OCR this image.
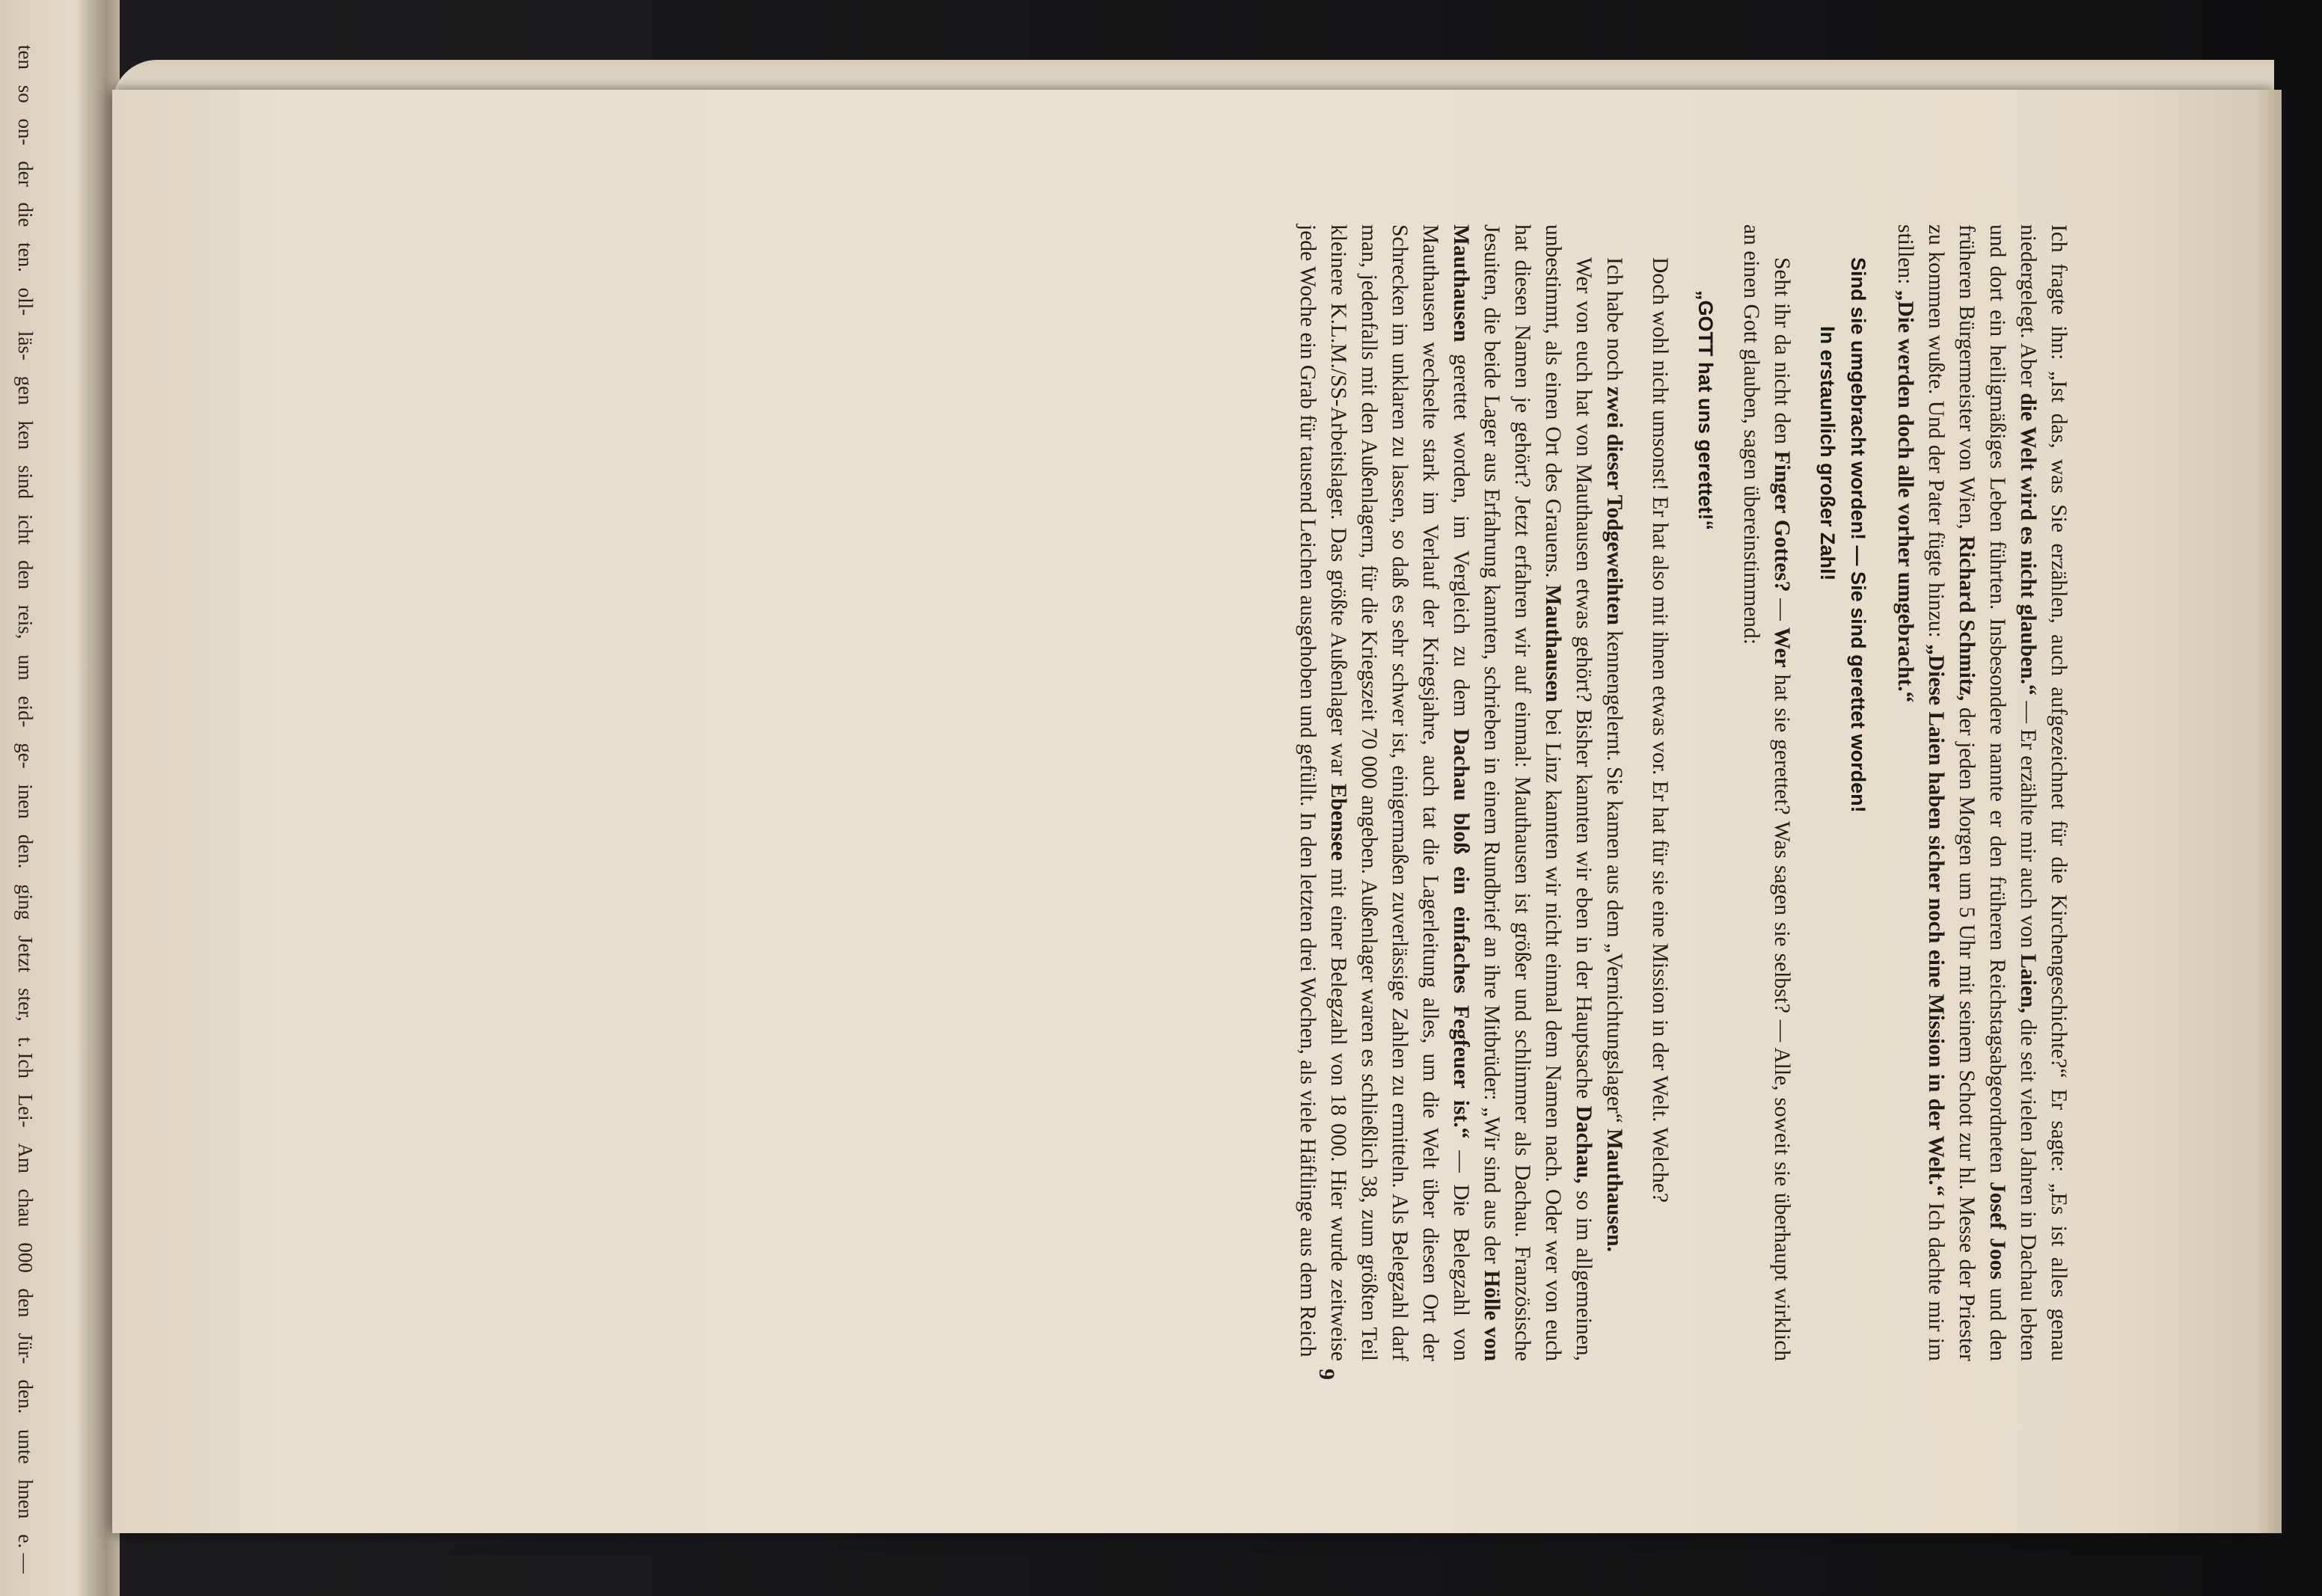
ten
so
on-
der
die
ten.
oll-
läs-
gen
ken
sind
icht
den
reis,
um
eid-
ge-
inen
den.
ging
Jetzt
ster,
t. Ich
Lei-
Am
chau
000
den
Jür-
den.
unte
hnen
e. —

Ich fragte ihn: „Ist das, was Sie erzählen, auch aufgezeichnet für die Kirchengeschichte?“ Er sagte: „Es ist alles genau niedergelegt. Aber die Welt wird es nicht glauben.“ — Er erzählte mir auch von Laien, die seit vielen Jahren in Dachau lebten und dort ein heiligmäßiges Leben führten. Insbesondere nannte er den früheren Reichstagsabgeordneten Josef Joos und den früheren Bürgermeister von Wien, Richard Schmitz, der jeden Morgen um 5 Uhr mit seinem Schott zur hl. Messe der Priester zu kommen wußte. Und der Pater fügte hinzu: „Diese Laien haben sicher noch eine Mission in der Welt.“ Ich dachte mir im stillen: „Die werden doch alle vorher umgebracht.“

Sind sie umgebracht worden! — Sie sind gerettet worden!
In erstaunlich großer Zahl!

Seht ihr da nicht den Finger Gottes? — Wer hat sie gerettet? Was sagen sie selbst? — Alle, soweit sie überhaupt wirklich an einen Gott glauben, sagen übereinstimmend:

„GOTT hat uns gerettet!“

Doch wohl nicht umsonst! Er hat also mit ihnen etwas vor. Er hat für sie eine Mission in der Welt. Welche?

Ich habe noch zwei dieser Todgeweihten kennengelernt. Sie kamen aus dem „Vernichtungslager“ Mauthausen.

Wer von euch hat von Mauthausen etwas gehört? Bisher kannten wir eben in der Hauptsache Dachau, so im allgemeinen, unbestimmt, als einen Ort des Grauens. Mauthausen bei Linz kannten wir nicht einmal dem Namen nach. Oder wer von euch hat diesen Namen je gehört? Jetzt erfahren wir auf einmal: Mauthausen ist größer und schlimmer als Dachau. Französische Jesuiten, die beide Lager aus Erfahrung kannten, schrieben in einem Rundbrief an ihre Mitbrüder: „Wir sind aus der Hölle von Mauthausen gerettet worden, im Vergleich zu dem Dachau bloß ein einfaches Fegfeuer ist.“ — Die Belegzahl von Mauthausen wechselte stark im Verlauf der Kriegsjahre, auch tat die Lagerleitung alles, um die Welt über diesen Ort der Schrecken im unklaren zu lassen, so daß es sehr schwer ist, einigermaßen zuverlässige Zahlen zu ermitteln. Als Belegzahl darf man, jedenfalls mit den Außenlagern, für die Kriegszeit 70 000 angeben. Außenlager waren es schließlich 38, zum größten Teil kleinere K.L.M./SS-Arbeitslager. Das größte Außenlager war Ebensee mit einer Belegzahl von 18 000. Hier wurde zeitweise jede Woche ein Grab für tausend Leichen ausgehoben und gefüllt. In den letzten drei Wochen, als viele Häftlinge aus dem Reich

9
